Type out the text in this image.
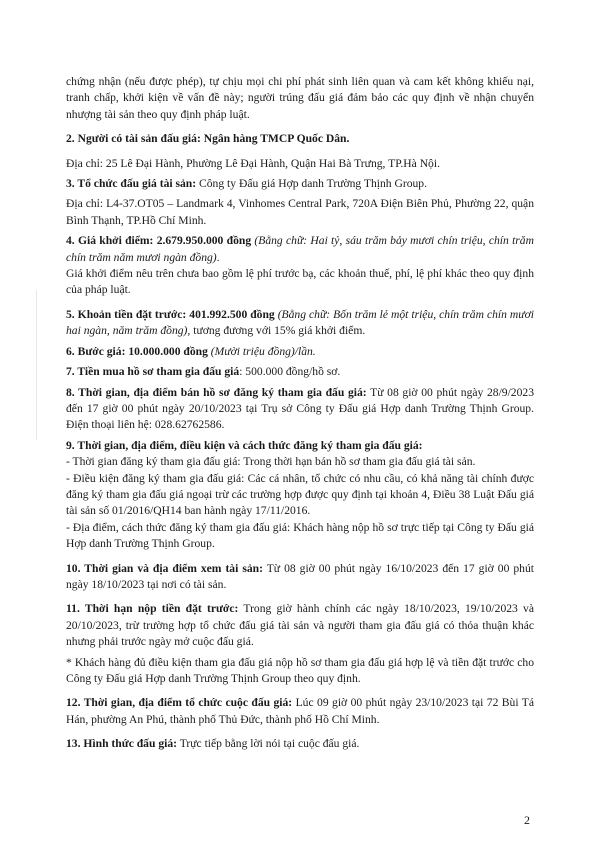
chứng nhận (nếu được phép), tự chịu mọi chi phí phát sinh liên quan và cam kết không khiếu nại, tranh chấp, khởi kiện về vấn đề này; người trúng đấu giá đảm bảo các quy định về nhận chuyển nhượng tài sản theo quy định pháp luật.

2. Người có tài sản đấu giá: Ngân hàng TMCP Quốc Dân.

Địa chỉ: 25 Lê Đại Hành, Phường Lê Đại Hành, Quận Hai Bà Trưng, TP.Hà Nội.

3. Tổ chức đấu giá tài sản: Công ty Đấu giá Hợp danh Trường Thịnh Group.

Địa chỉ: L4-37.OT05 – Landmark 4, Vinhomes Central Park, 720A Điện Biên Phủ, Phường 22, quận Bình Thạnh, TP.Hồ Chí Minh.

4. Giá khởi điểm: 2.679.950.000 đồng (Bằng chữ: Hai tỷ, sáu trăm bảy mươi chín triệu, chín trăm chín trăm năm mươi ngàn đồng).

Giá khởi điểm nêu trên chưa bao gồm lệ phí trước bạ, các khoản thuế, phí, lệ phí khác theo quy định của pháp luật.

5. Khoản tiền đặt trước: 401.992.500 đồng (Bằng chữ: Bốn trăm lẻ một triệu, chín trăm chín mươi hai ngàn, năm trăm đồng), tương đương với 15% giá khởi điểm.

6. Bước giá: 10.000.000 đồng (Mười triệu đồng)/lần.

7. Tiền mua hồ sơ tham gia đấu giá: 500.000 đồng/hồ sơ.

8. Thời gian, địa điểm bán hồ sơ đăng ký tham gia đấu giá: Từ 08 giờ 00 phút ngày 28/9/2023 đến 17 giờ 00 phút ngày 20/10/2023 tại Trụ sở Công ty Đấu giá Hợp danh Trường Thịnh Group. Điện thoại liên hệ: 028.62762586.

9. Thời gian, địa điểm, điều kiện và cách thức đăng ký tham gia đấu giá:

- Thời gian đăng ký tham gia đấu giá: Trong thời hạn bán hồ sơ tham gia đấu giá tài sản.

- Điều kiện đăng ký tham gia đấu giá: Các cá nhân, tổ chức có nhu cầu, có khả năng tài chính được đăng ký tham gia đấu giá ngoại trừ các trường hợp được quy định tại khoản 4, Điều 38 Luật Đấu giá tài sản số 01/2016/QH14 ban hành ngày 17/11/2016.

- Địa điểm, cách thức đăng ký tham gia đấu giá: Khách hàng nộp hồ sơ trực tiếp tại Công ty Đấu giá Hợp danh Trường Thịnh Group.

10. Thời gian và địa điểm xem tài sản: Từ 08 giờ 00 phút ngày 16/10/2023 đến 17 giờ 00 phút ngày 18/10/2023 tại nơi có tài sản.

11. Thời hạn nộp tiền đặt trước: Trong giờ hành chính các ngày 18/10/2023, 19/10/2023 và 20/10/2023, trừ trường hợp tổ chức đấu giá tài sản và người tham gia đấu giá có thỏa thuận khác nhưng phải trước ngày mở cuộc đấu giá.

* Khách hàng đủ điều kiện tham gia đấu giá nộp hồ sơ tham gia đấu giá hợp lệ và tiền đặt trước cho Công ty Đấu giá Hợp danh Trường Thịnh Group theo quy định.

12. Thời gian, địa điểm tổ chức cuộc đấu giá: Lúc 09 giờ 00 phút ngày 23/10/2023 tại 72 Bùi Tá Hán, phường An Phú, thành phố Thủ Đức, thành phố Hồ Chí Minh.

13. Hình thức đấu giá: Trực tiếp bằng lời nói tại cuộc đấu giá.

2
